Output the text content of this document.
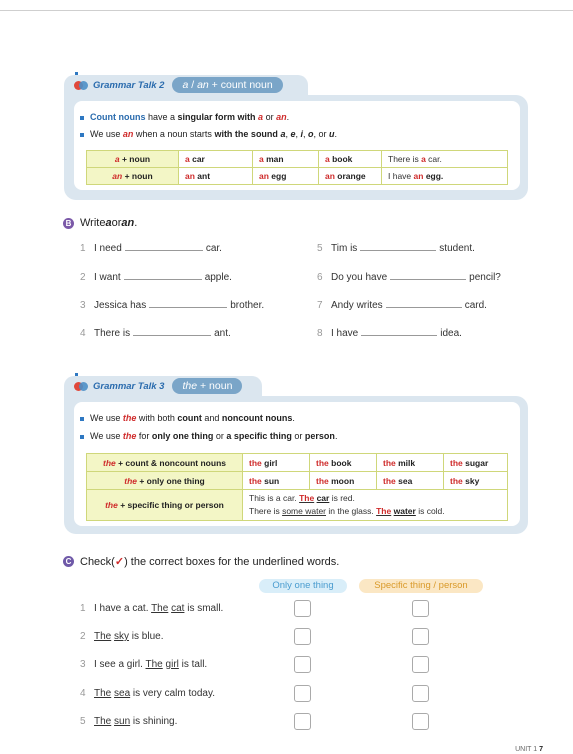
Grammar Talk 2	a / an + count noun
Count nouns have a singular form with a or an.
We use an when a noun starts with the sound a, e, i, o, or u.
a + noun	a car	a man	a book	There is a car.
an + noun	an ant	an egg	an orange	I have an egg.
B Write a or an .
1 I need	car.
2 I want	apple.
3 Jessica has	brother.
4 There is	ant.
5 Tim is	student.
6 Do you have	pencil?
7 Andy writes	card.
8 I have	idea.
Grammar Talk 3	the + noun
We use the with both count and noncount nouns.
We use the for only one thing or a specific thing or person.
the + count & noncount nouns	the girl	the book	the milk	the sugar
the + only one thing	the sun	the moon	the sea	the sky
the + specific thing or person	This is a car. The car is red.
There is some water in the glass. The water is cold.			
C Check( ✓ ) the correct boxes for the underlined words.
Only one thing	Specific thing / person
1 I have a cat. The cat is small.
2 The sky is blue.
3 I see a girl. The girl is tall.
4 The sea is very calm today.
5 The sun is shining.
UNIT 1 7
